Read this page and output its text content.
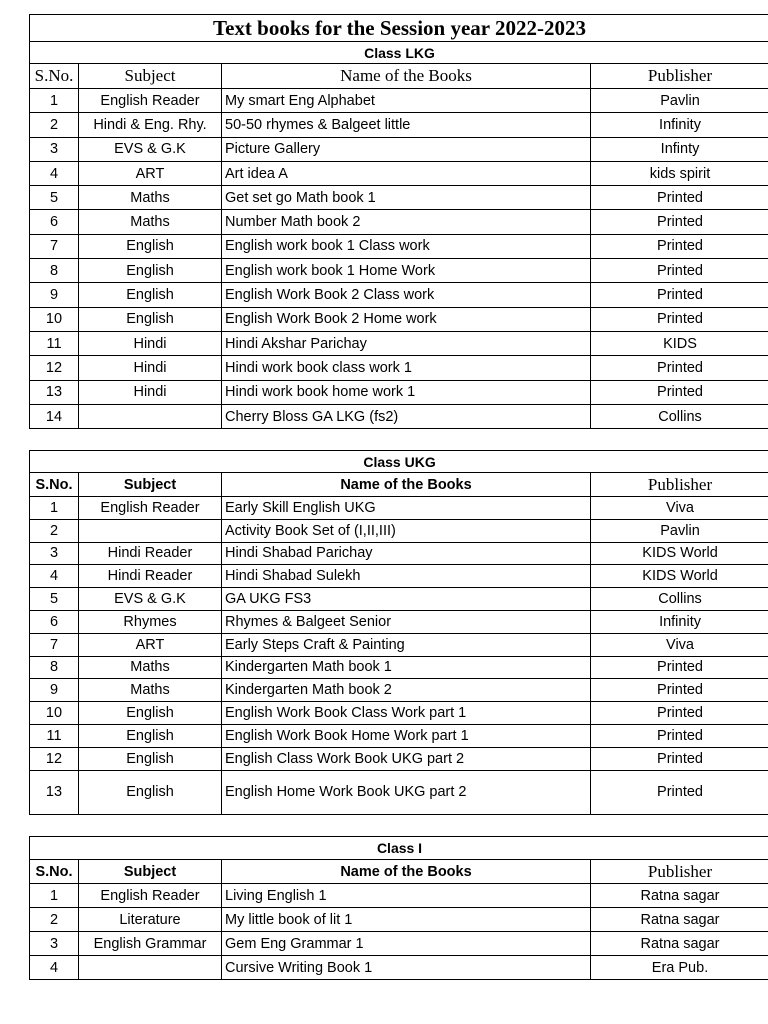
Text books for the Session year 2022-2023			
Class LKG			
S.No.	Subject	Name of the Books	Publisher
1	English Reader	My smart Eng Alphabet	Pavlin
2	Hindi & Eng. Rhy.	50-50 rhymes & Balgeet little	Infinity
3	EVS & G.K	Picture Gallery	Infinty
4	ART	Art idea A	kids spirit
5	Maths	Get set go Math book 1	Printed
6	Maths	Number Math book 2	Printed
7	English	English work book 1 Class work	Printed
8	English	English work book 1 Home Work	Printed
9	English	English Work Book 2 Class work	Printed
10	English	English Work Book 2 Home work	Printed
11	Hindi	Hindi Akshar Parichay	KIDS
12	Hindi	Hindi work book class work 1	Printed
13	Hindi	Hindi work book home work 1	Printed
14		Cherry Bloss GA LKG (fs2)	Collins
Class UKG			
S.No.	Subject	Name of the Books	Publisher
1	English Reader	Early Skill English UKG	Viva
2		Activity Book Set of (I,II,III)	Pavlin
3	Hindi Reader	Hindi Shabad Parichay	KIDS World
4	Hindi Reader	Hindi Shabad Sulekh	KIDS World
5	EVS & G.K	GA UKG FS3	Collins
6	Rhymes	Rhymes & Balgeet Senior	Infinity
7	ART	Early Steps Craft & Painting	Viva
8	Maths	Kindergarten Math book 1	Printed
9	Maths	Kindergarten Math book 2	Printed
10	English	English Work Book Class Work part 1	Printed
11	English	English Work Book Home Work part 1	Printed
12	English	English Class Work Book UKG part 2	Printed
13	English	English Home Work Book UKG part 2	Printed
Class I			
S.No.	Subject	Name of the Books	Publisher
1	English Reader	Living English 1	Ratna sagar
2	Literature	My little book of lit 1	Ratna sagar
3	English Grammar	Gem Eng Grammar 1	Ratna sagar
4		Cursive Writing Book 1	Era Pub.
